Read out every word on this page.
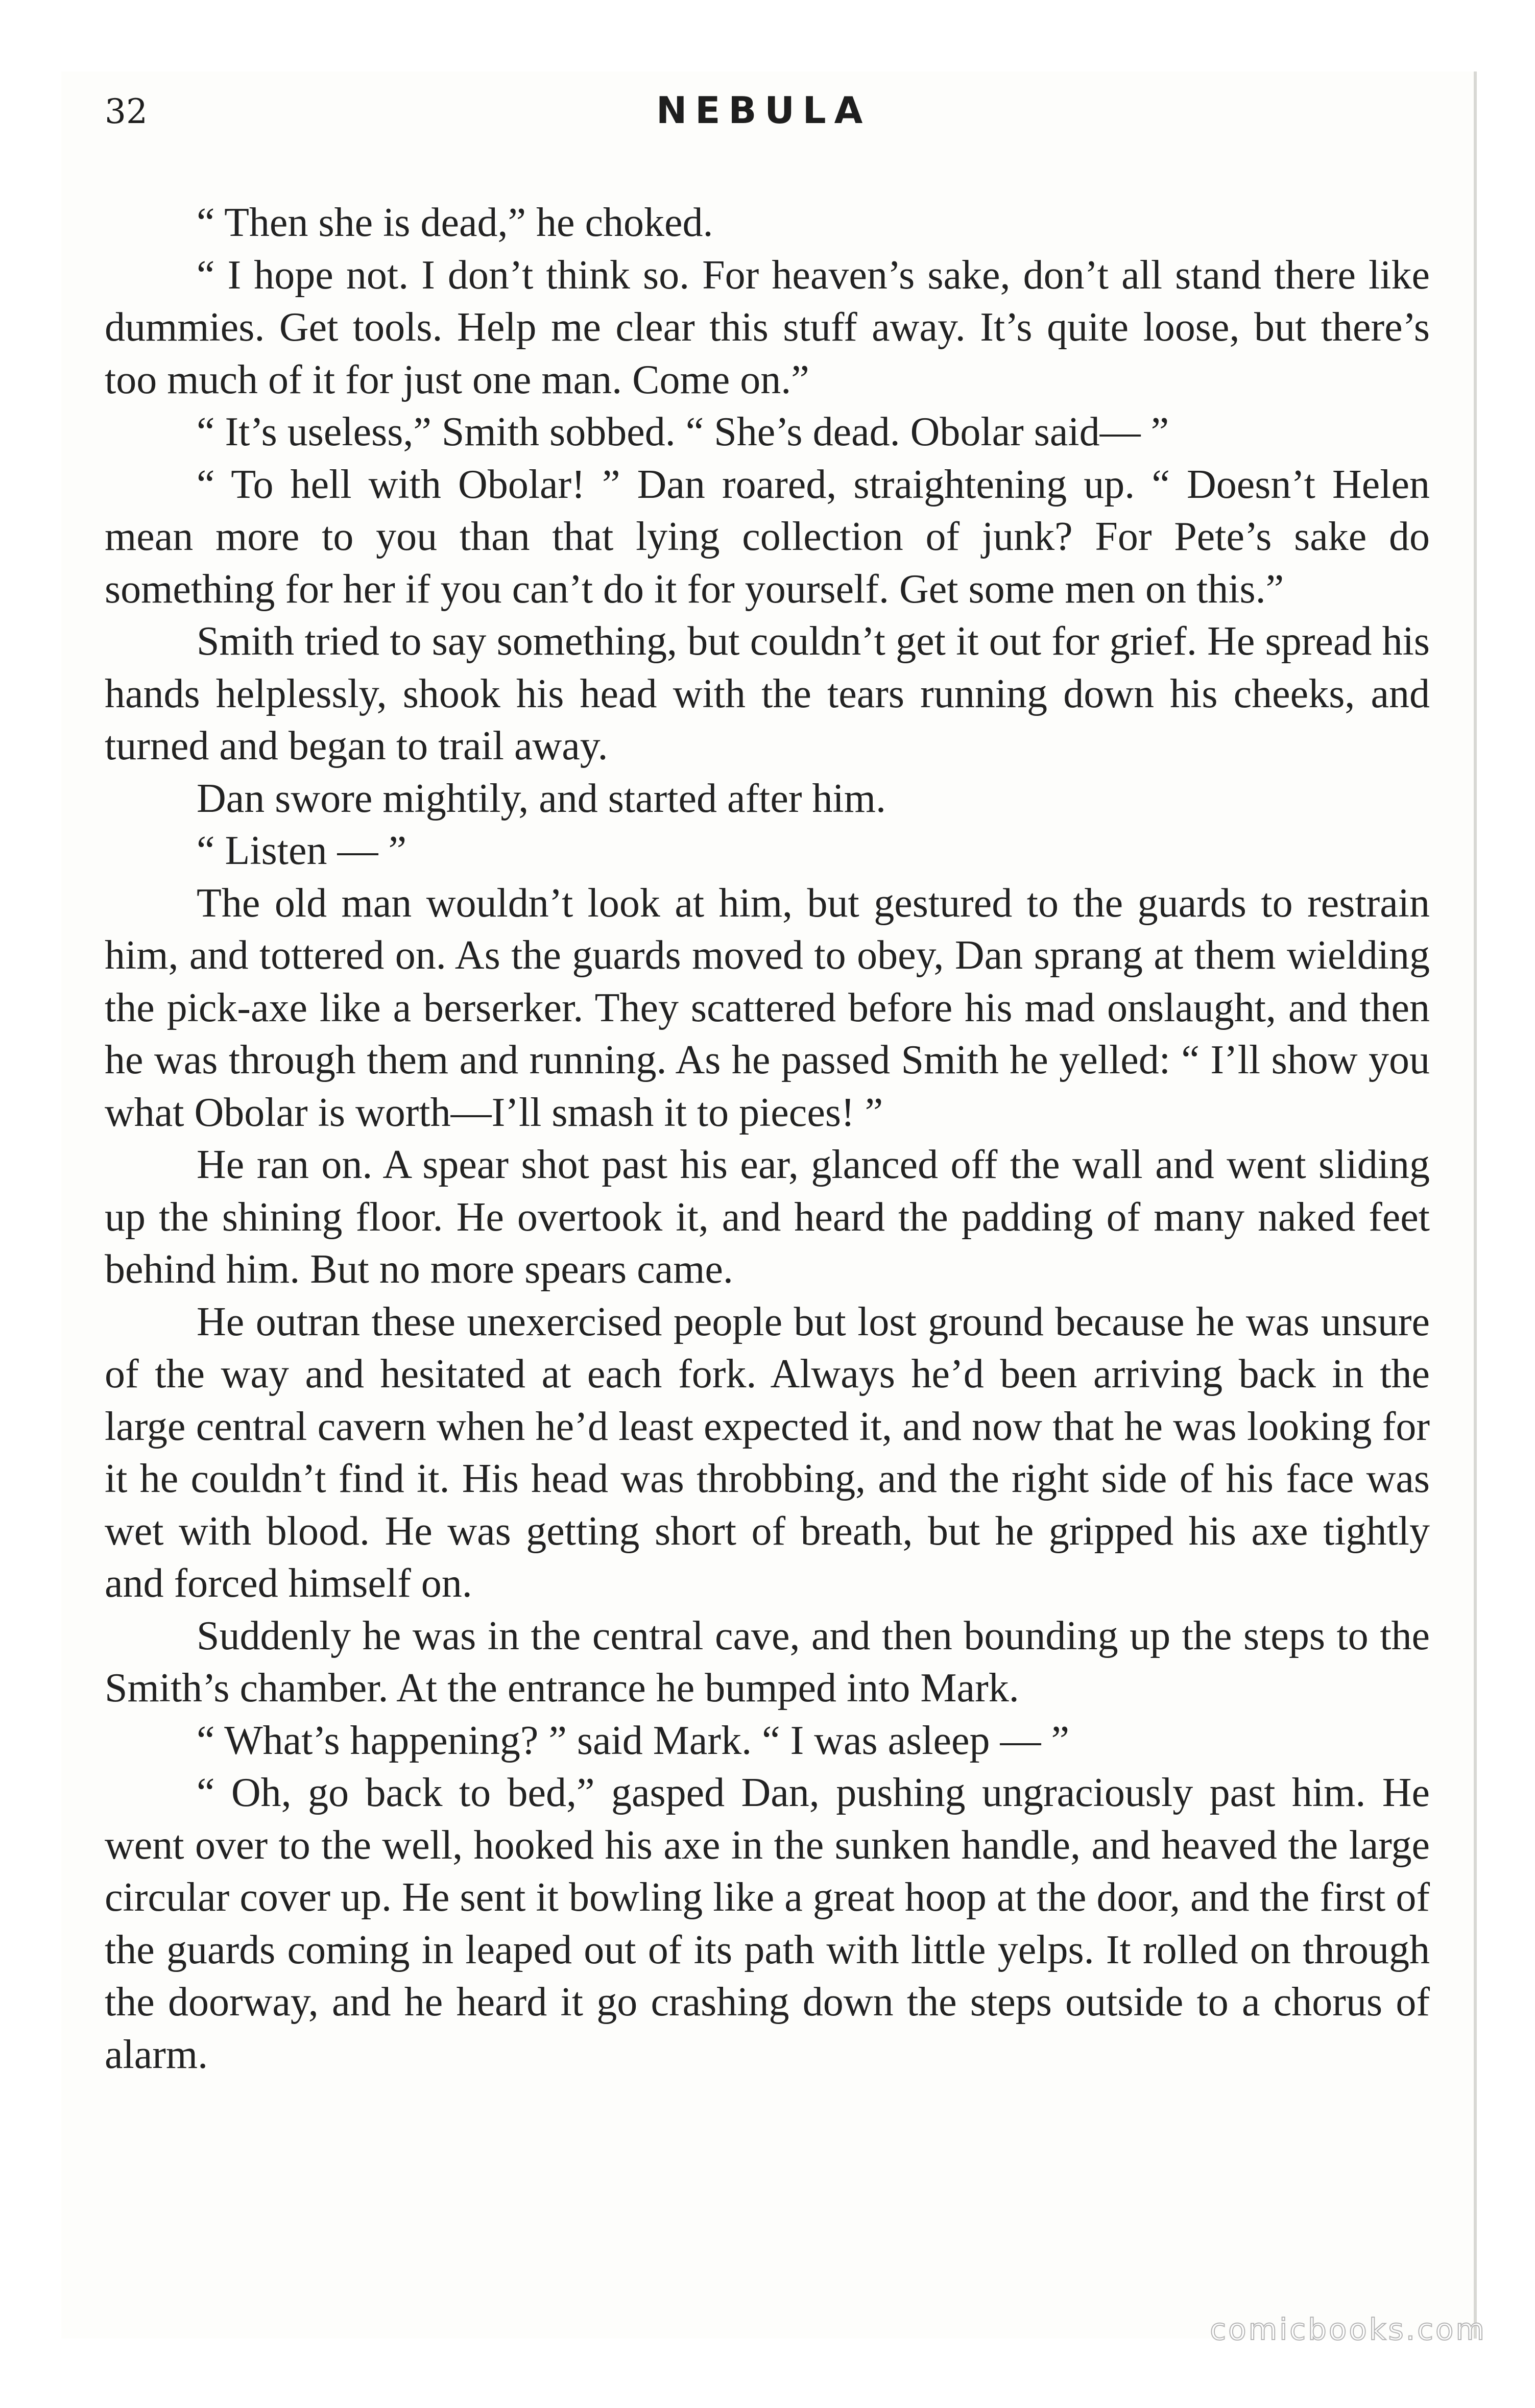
32	NEBULA

“ Then she is dead,” he choked.

“ I hope not. I don’t think so. For heaven’s sake, don’t all stand there like dummies. Get tools. Help me clear this stuff away. It’s quite loose, but there’s too much of it for just one man. Come on.”

“ It’s useless,” Smith sobbed. “ She’s dead. Obolar said— ”

“ To hell with Obolar! ” Dan roared, straightening up. “ Doesn’t Helen mean more to you than that lying collection of junk? For Pete’s sake do something for her if you can’t do it for yourself. Get some men on this.”

Smith tried to say something, but couldn’t get it out for grief. He spread his hands helplessly, shook his head with the tears running down his cheeks, and turned and began to trail away.

Dan swore mightily, and started after him.

“ Listen — ”

The old man wouldn’t look at him, but gestured to the guards to restrain him, and tottered on. As the guards moved to obey, Dan sprang at them wielding the pick-axe like a berserker. They scattered before his mad onslaught, and then he was through them and running. As he passed Smith he yelled: “ I’ll show you what Obolar is worth—I’ll smash it to pieces! ”

He ran on. A spear shot past his ear, glanced off the wall and went sliding up the shining floor. He overtook it, and heard the padding of many naked feet behind him. But no more spears came.

He outran these unexercised people but lost ground because he was unsure of the way and hesitated at each fork. Always he’d been arriving back in the large central cavern when he’d least expected it, and now that he was looking for it he couldn’t find it. His head was throbbing, and the right side of his face was wet with blood. He was getting short of breath, but he gripped his axe tightly and forced himself on.

Suddenly he was in the central cave, and then bounding up the steps to the Smith’s chamber. At the entrance he bumped into Mark.

“ What’s happening? ” said Mark. “ I was asleep — ”

“ Oh, go back to bed,” gasped Dan, pushing ungraciously past him. He went over to the well, hooked his axe in the sunken handle, and heaved the large circular cover up. He sent it bowling like a great hoop at the door, and the first of the guards coming in leaped out of its path with little yelps. It rolled on through the doorway, and he heard it go crashing down the steps outside to a chorus of alarm.

comicbooks.com
